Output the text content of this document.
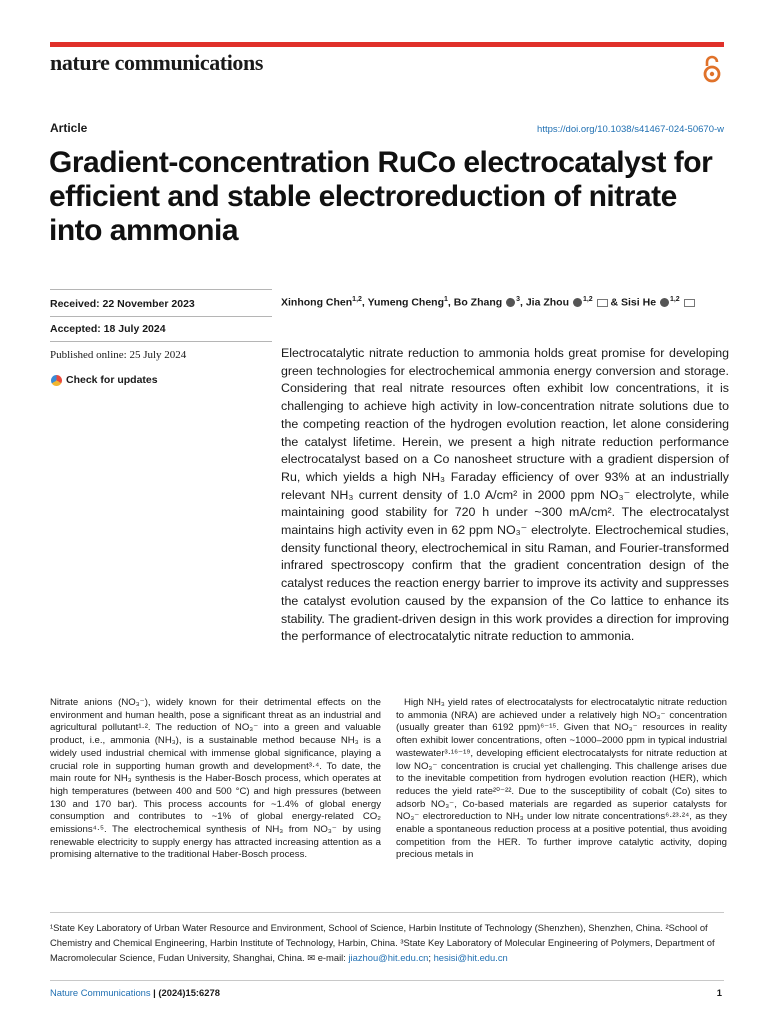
nature communications
Article	https://doi.org/10.1038/s41467-024-50670-w
Gradient-concentration RuCo electrocatalyst for efficient and stable electroreduction of nitrate into ammonia
Received: 22 November 2023
Accepted: 18 July 2024
Published online: 25 July 2024
Check for updates
Xinhong Chen$^{1,2}$, Yumeng Cheng$^1$, Bo Zhang $^3$, Jia Zhou $^{1,2}$  & Sisi He $^{1,2}$

Electrocatalytic nitrate reduction to ammonia holds great promise for developing green technologies for electrochemical ammonia energy conversion and storage. Considering that real nitrate resources often exhibit low concentrations, it is challenging to achieve high activity in low-concentration nitrate solutions due to the competing reaction of the hydrogen evolution reaction, let alone considering the catalyst lifetime. Herein, we present a high nitrate reduction performance electrocatalyst based on a Co nanosheet structure with a gradient dispersion of Ru, which yields a high NH₃ Faraday efficiency of over 93% at an industrially relevant NH₃ current density of 1.0 A/cm² in 2000 ppm NO₃⁻ electrolyte, while maintaining good stability for 720 h under ~300 mA/cm². The electrocatalyst maintains high activity even in 62 ppm NO₃⁻ electrolyte. Electrochemical studies, density functional theory, electrochemical in situ Raman, and Fourier-transformed infrared spectroscopy confirm that the gradient concentration design of the catalyst reduces the reaction energy barrier to improve its activity and suppresses the catalyst evolution caused by the expansion of the Co lattice to enhance its stability. The gradient-driven design in this work provides a direction for improving the performance of electrocatalytic nitrate reduction to ammonia.

Nitrate anions (NO₃⁻), widely known for their detrimental effects on the environment and human health, pose a significant threat as an industrial and agricultural pollutant¹·². The reduction of NO₃⁻ into a green and valuable product, i.e., ammonia (NH₃), is a sustainable method because NH₃ is a widely used industrial chemical with immense global significance, playing a crucial role in supporting human growth and development³·⁴. To date, the main route for NH₃ synthesis is the Haber-Bosch process, which operates at high temperatures (between 400 and 500 °C) and high pressures (between 130 and 170 bar). This process accounts for ~1.4% of global energy consumption and contributes to ~1% of global energy-related CO₂ emissions⁴·⁵. The electrochemical synthesis of NH₃ from NO₃⁻ by using renewable electricity to supply energy has attracted increasing attention as a promising alternative to the traditional Haber-Bosch process.

High NH₃ yield rates of electrocatalysts for electrocatalytic nitrate reduction to ammonia (NRA) are achieved under a relatively high NO₃⁻ concentration (usually greater than 6192 ppm)⁶⁻¹⁵. Given that NO₃⁻ resources in reality often exhibit lower concentrations, often ~1000–2000 ppm in typical industrial wastewater³·¹⁶⁻¹⁹, developing efficient electrocatalysts for nitrate reduction at low NO₃⁻ concentration is crucial yet challenging. This challenge arises due to the inevitable competition from hydrogen evolution reaction (HER), which reduces the yield rate²⁰⁻²². Due to the susceptibility of cobalt (Co) sites to adsorb NO₃⁻, Co-based materials are regarded as superior catalysts for NO₃⁻ electroreduction to NH₃ under low nitrate concentrations⁶·²³·²⁴, as they enable a spontaneous reduction process at a positive potential, thus avoiding competition from the HER. To further improve catalytic activity, doping precious metals in

¹State Key Laboratory of Urban Water Resource and Environment, School of Science, Harbin Institute of Technology (Shenzhen), Shenzhen, China. ²School of Chemistry and Chemical Engineering, Harbin Institute of Technology, Harbin, China. ³State Key Laboratory of Molecular Engineering of Polymers, Department of Macromolecular Science, Fudan University, Shanghai, China. ✉ e-mail: jiazhou@hit.edu.cn; hesisi@hit.edu.cn
Nature Communications | (2024)15:6278	1
